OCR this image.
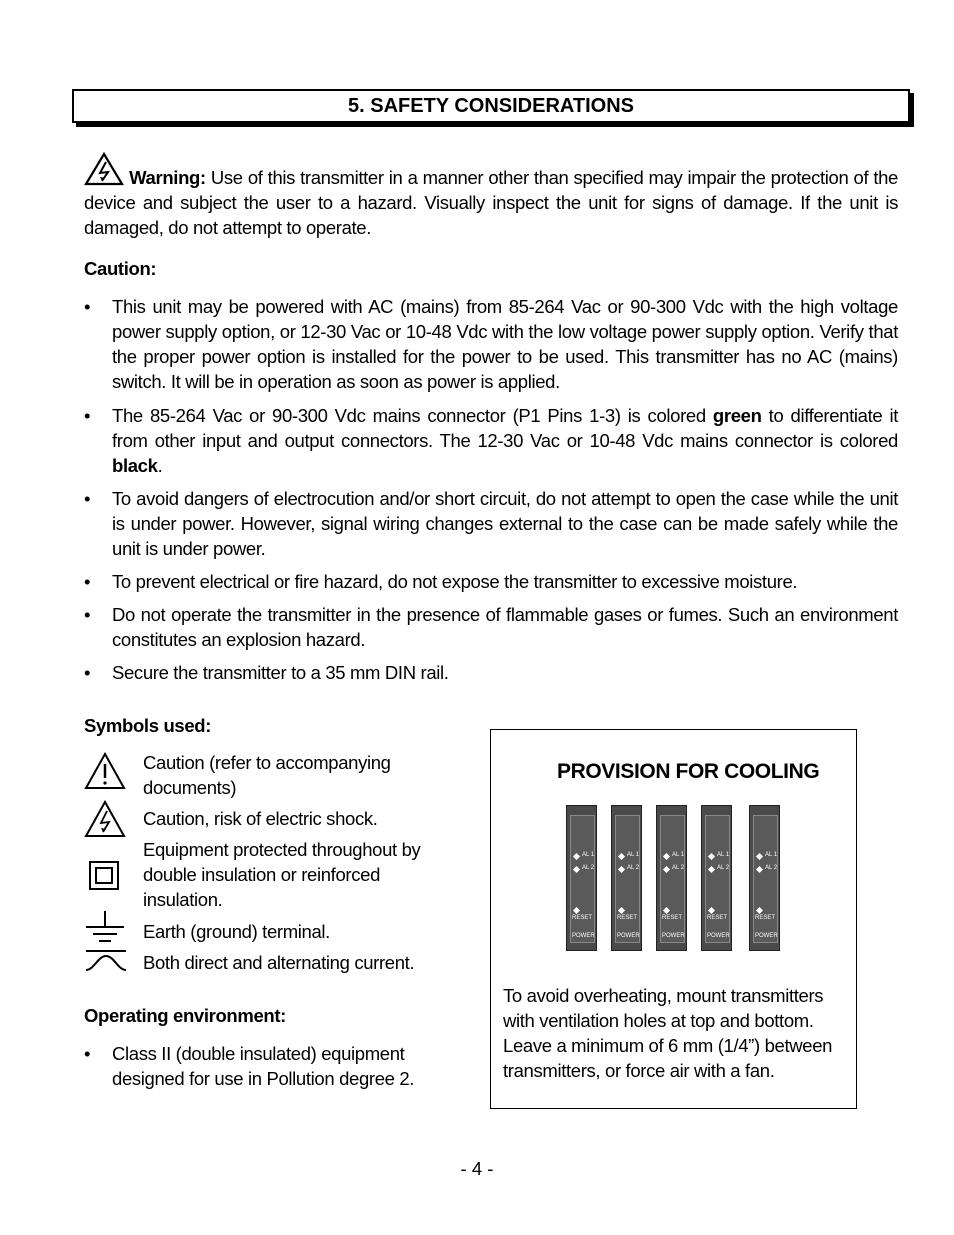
5. SAFETY CONSIDERATIONS
Warning: Use of this transmitter in a manner other than specified may impair the protection of the device and subject the user to a hazard. Visually inspect the unit for signs of damage. If the unit is damaged, do not attempt to operate.
Caution:
•	This unit may be powered with AC (mains) from 85-264 Vac or 90-300 Vdc with the high voltage power supply option, or 12-30 Vac or 10-48 Vdc with the low voltage power supply option. Verify that the proper power option is installed for the power to be used. This transmitter has no AC (mains) switch. It will be in operation as soon as power is applied.
•	The 85-264 Vac or 90-300 Vdc mains connector (P1 Pins 1-3) is colored green to differentiate it from other input and output connectors. The 12-30 Vac or 10-48 Vdc mains connector is colored black.
•	To avoid dangers of electrocution and/or short circuit, do not attempt to open the case while the unit is under power. However, signal wiring changes external to the case can be made safely while the unit is under power.
•	To prevent electrical or fire hazard, do not expose the transmitter to excessive moisture.
•	Do not operate the transmitter in the presence of flammable gases or fumes. Such an environment constitutes an explosion hazard.
•	Secure the transmitter to a 35 mm DIN rail.
Symbols used:
Caution (refer to accompanying documents)
Caution, risk of electric shock.
Equipment protected throughout by double insulation or reinforced insulation.
Earth (ground) terminal.
Both direct and alternating current.
Operating environment:
•	Class II (double insulated) equipment designed for use in Pollution degree 2.
PROVISION FOR COOLING
AL 1
AL 2
RESET
POWER
AL 1
AL 2
RESET
POWER
AL 1
AL 2
RESET
POWER
AL 1
AL 2
RESET
POWER
AL 1
AL 2
RESET
POWER
To avoid overheating, mount transmitters with ventilation holes at top and bottom. Leave a minimum of 6 mm (1/4”) between transmitters, or force air with a fan.
- 4 -
